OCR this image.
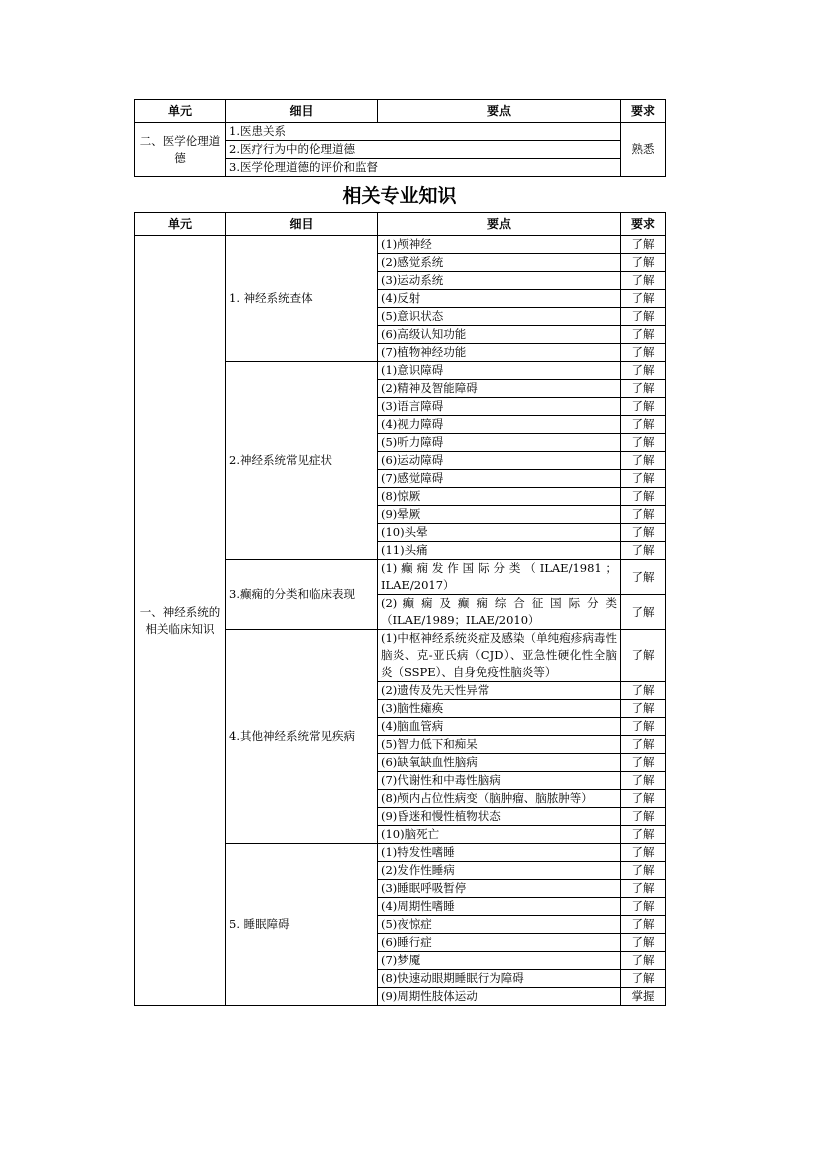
单元	细目	要点	要求
二、医学伦理道德	1.医患关系		熟悉
	2.医疗行为中的伦理道德		
	3.医学伦理道德的评价和监督		
相关专业知识
单元	细目	要点	要求
一、神经系统的相关临床知识	1. 神经系统查体	(1)颅神经	了解
		(2)感觉系统	了解
		(3)运动系统	了解
		(4)反射	了解
		(5)意识状态	了解
		(6)高级认知功能	了解
		(7)植物神经功能	了解
	2.神经系统常见症状	(1)意识障碍	了解
		(2)精神及智能障碍	了解
		(3)语言障碍	了解
		(4)视力障碍	了解
		(5)听力障碍	了解
		(6)运动障碍	了解
		(7)感觉障碍	了解
		(8)惊厥	了解
		(9)晕厥	了解
		(10)头晕	了解
		(11)头痛	了解
	3.癫痫的分类和临床表现	(1) 癫 痫 发 作 国 际 分 类 （ ILAE/1981 ；ILAE/2017）	了解
		(2) 癫 痫 及 癫 痫 综 合 征 国 际 分 类（ILAE/1989；ILAE/2010）	了解
	4.其他神经系统常见疾病	(1)中枢神经系统炎症及感染（单纯疱疹病毒性脑炎、克-亚氏病（CJD）、亚急性硬化性全脑炎（SSPE）、自身免疫性脑炎等）	了解
		(2)遗传及先天性异常	了解
		(3)脑性瘫痪	了解
		(4)脑血管病	了解
		(5)智力低下和痴呆	了解
		(6)缺氧缺血性脑病	了解
		(7)代谢性和中毒性脑病	了解
		(8)颅内占位性病变（脑肿瘤、脑脓肿等）	了解
		(9)昏迷和慢性植物状态	了解
		(10)脑死亡	了解
	5. 睡眠障碍	(1)特发性嗜睡	了解
		(2)发作性睡病	了解
		(3)睡眠呼吸暂停	了解
		(4)周期性嗜睡	了解
		(5)夜惊症	了解
		(6)睡行症	了解
		(7)梦魇	了解
		(8)快速动眼期睡眠行为障碍	了解
		(9)周期性肢体运动	掌握
